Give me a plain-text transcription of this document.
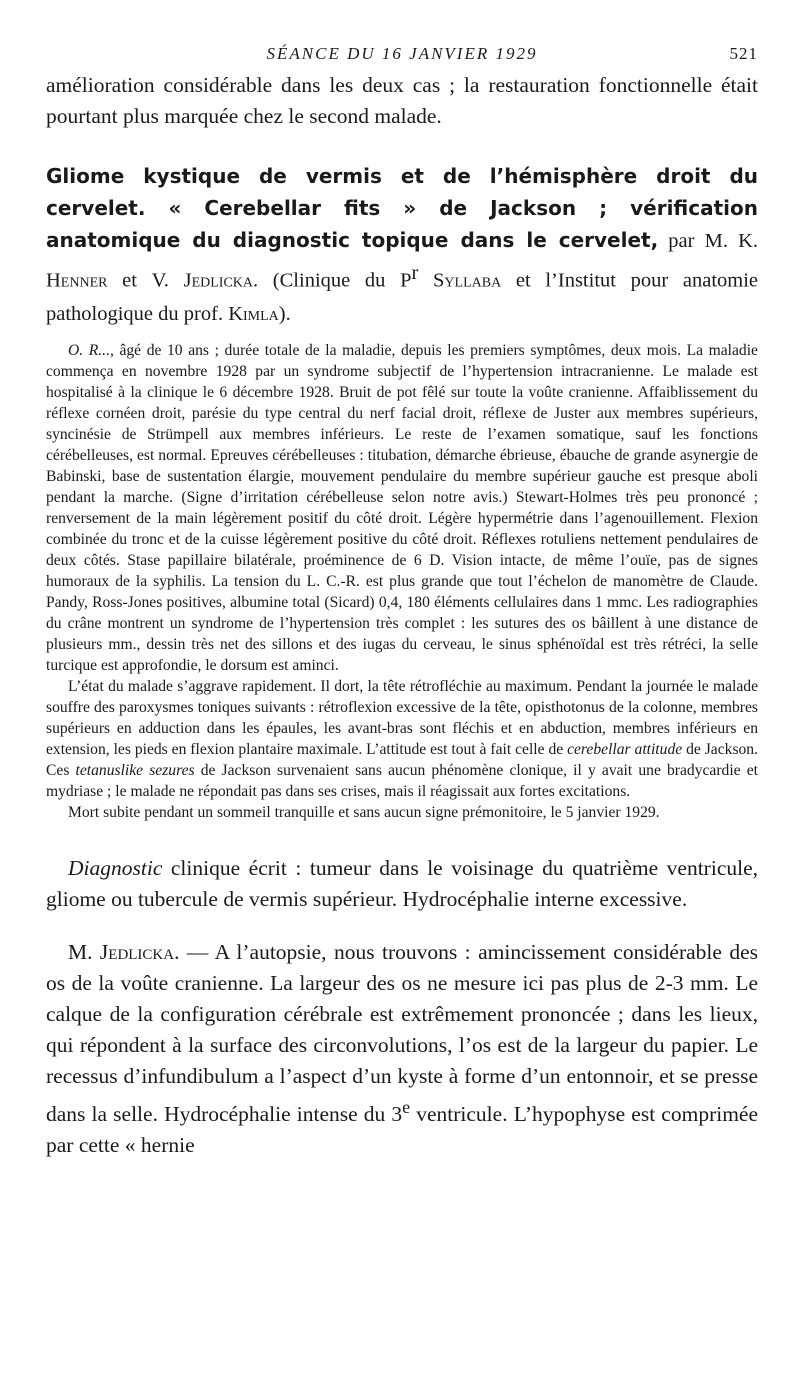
SÉANCE DU 16 JANVIER 1929	521

amélioration considérable dans les deux cas ; la restauration fonctionnelle était pourtant plus marquée chez le second malade.

Gliome kystique de vermis et de l’hémisphère droit du cervelet. « Cerebellar fits » de Jackson ; vérification anatomique du diagnostic topique dans le cervelet, par M. K. Henner et V. Jedlicka. (Clinique du $P^r$ Syllaba et l’Institut pour anatomie pathologique du prof. Kimla).

O. R..., âgé de 10 ans ; durée totale de la maladie, depuis les premiers symptômes, deux mois. La maladie commença en novembre 1928 par un syndrome subjectif de l’hypertension intracranienne. Le malade est hospitalisé à la clinique le 6 décembre 1928. Bruit de pot fêlé sur toute la voûte cranienne. Affaiblissement du réflexe cornéen droit, parésie du type central du nerf facial droit, réflexe de Juster aux membres supérieurs, syncinésie de Strümpell aux membres inférieurs. Le reste de l’examen somatique, sauf les fonctions cérébelleuses, est normal. Epreuves cérébelleuses : titubation, démarche ébrieuse, ébauche de grande asynergie de Babinski, base de sustentation élargie, mouvement pendulaire du membre supérieur gauche est presque aboli pendant la marche. (Signe d’irritation cérébelleuse selon notre avis.) Stewart-Holmes très peu prononcé ; renversement de la main légèrement positif du côté droit. Légère hypermétrie dans l’agenouillement. Flexion combinée du tronc et de la cuisse légèrement positive du côté droit. Réflexes rotuliens nettement pendulaires de deux côtés. Stase papillaire bilatérale, proéminence de 6 D. Vision intacte, de même l’ouïe, pas de signes humoraux de la syphilis. La tension du L. C.-R. est plus grande que tout l’échelon de manomètre de Claude. Pandy, Ross-Jones positives, albumine total (Sicard) 0,4, 180 éléments cellulaires dans 1 mmc. Les radiographies du crâne montrent un syndrome de l’hypertension très complet : les sutures des os bâillent à une distance de plusieurs mm., dessin très net des sillons et des iugas du cerveau, le sinus sphénoïdal est très rétréci, la selle turcique est approfondie, le dorsum est aminci.

L’état du malade s’aggrave rapidement. Il dort, la tête rétrofléchie au maximum. Pendant la journée le malade souffre des paroxysmes toniques suivants : rétroflexion excessive de la tête, opisthotonus de la colonne, membres supérieurs en adduction dans les épaules, les avant-bras sont fléchis et en abduction, membres inférieurs en extension, les pieds en flexion plantaire maximale. L’attitude est tout à fait celle de cerebellar attitude de Jackson. Ces tetanuslike sezures de Jackson survenaient sans aucun phénomène clonique, il y avait une bradycardie et mydriase ; le malade ne répondait pas dans ses crises, mais il réagissait aux fortes excitations.

Mort subite pendant un sommeil tranquille et sans aucun signe prémonitoire, le 5 janvier 1929.

Diagnostic clinique écrit : tumeur dans le voisinage du quatrième ventricule, gliome ou tubercule de vermis supérieur. Hydrocéphalie interne excessive.

M. Jedlicka. — A l’autopsie, nous trouvons : amincissement considérable des os de la voûte cranienne. La largeur des os ne mesure ici pas plus de 2-3 mm. Le calque de la configuration cérébrale est extrêmement prononcée ; dans les lieux, qui répondent à la surface des circonvolutions, l’os est de la largeur du papier. Le recessus d’infundibulum a l’aspect d’un kyste à forme d’un entonnoir, et se presse dans la selle. Hydrocéphalie intense du 3e ventricule. L’hypophyse est comprimée par cette « hernie
